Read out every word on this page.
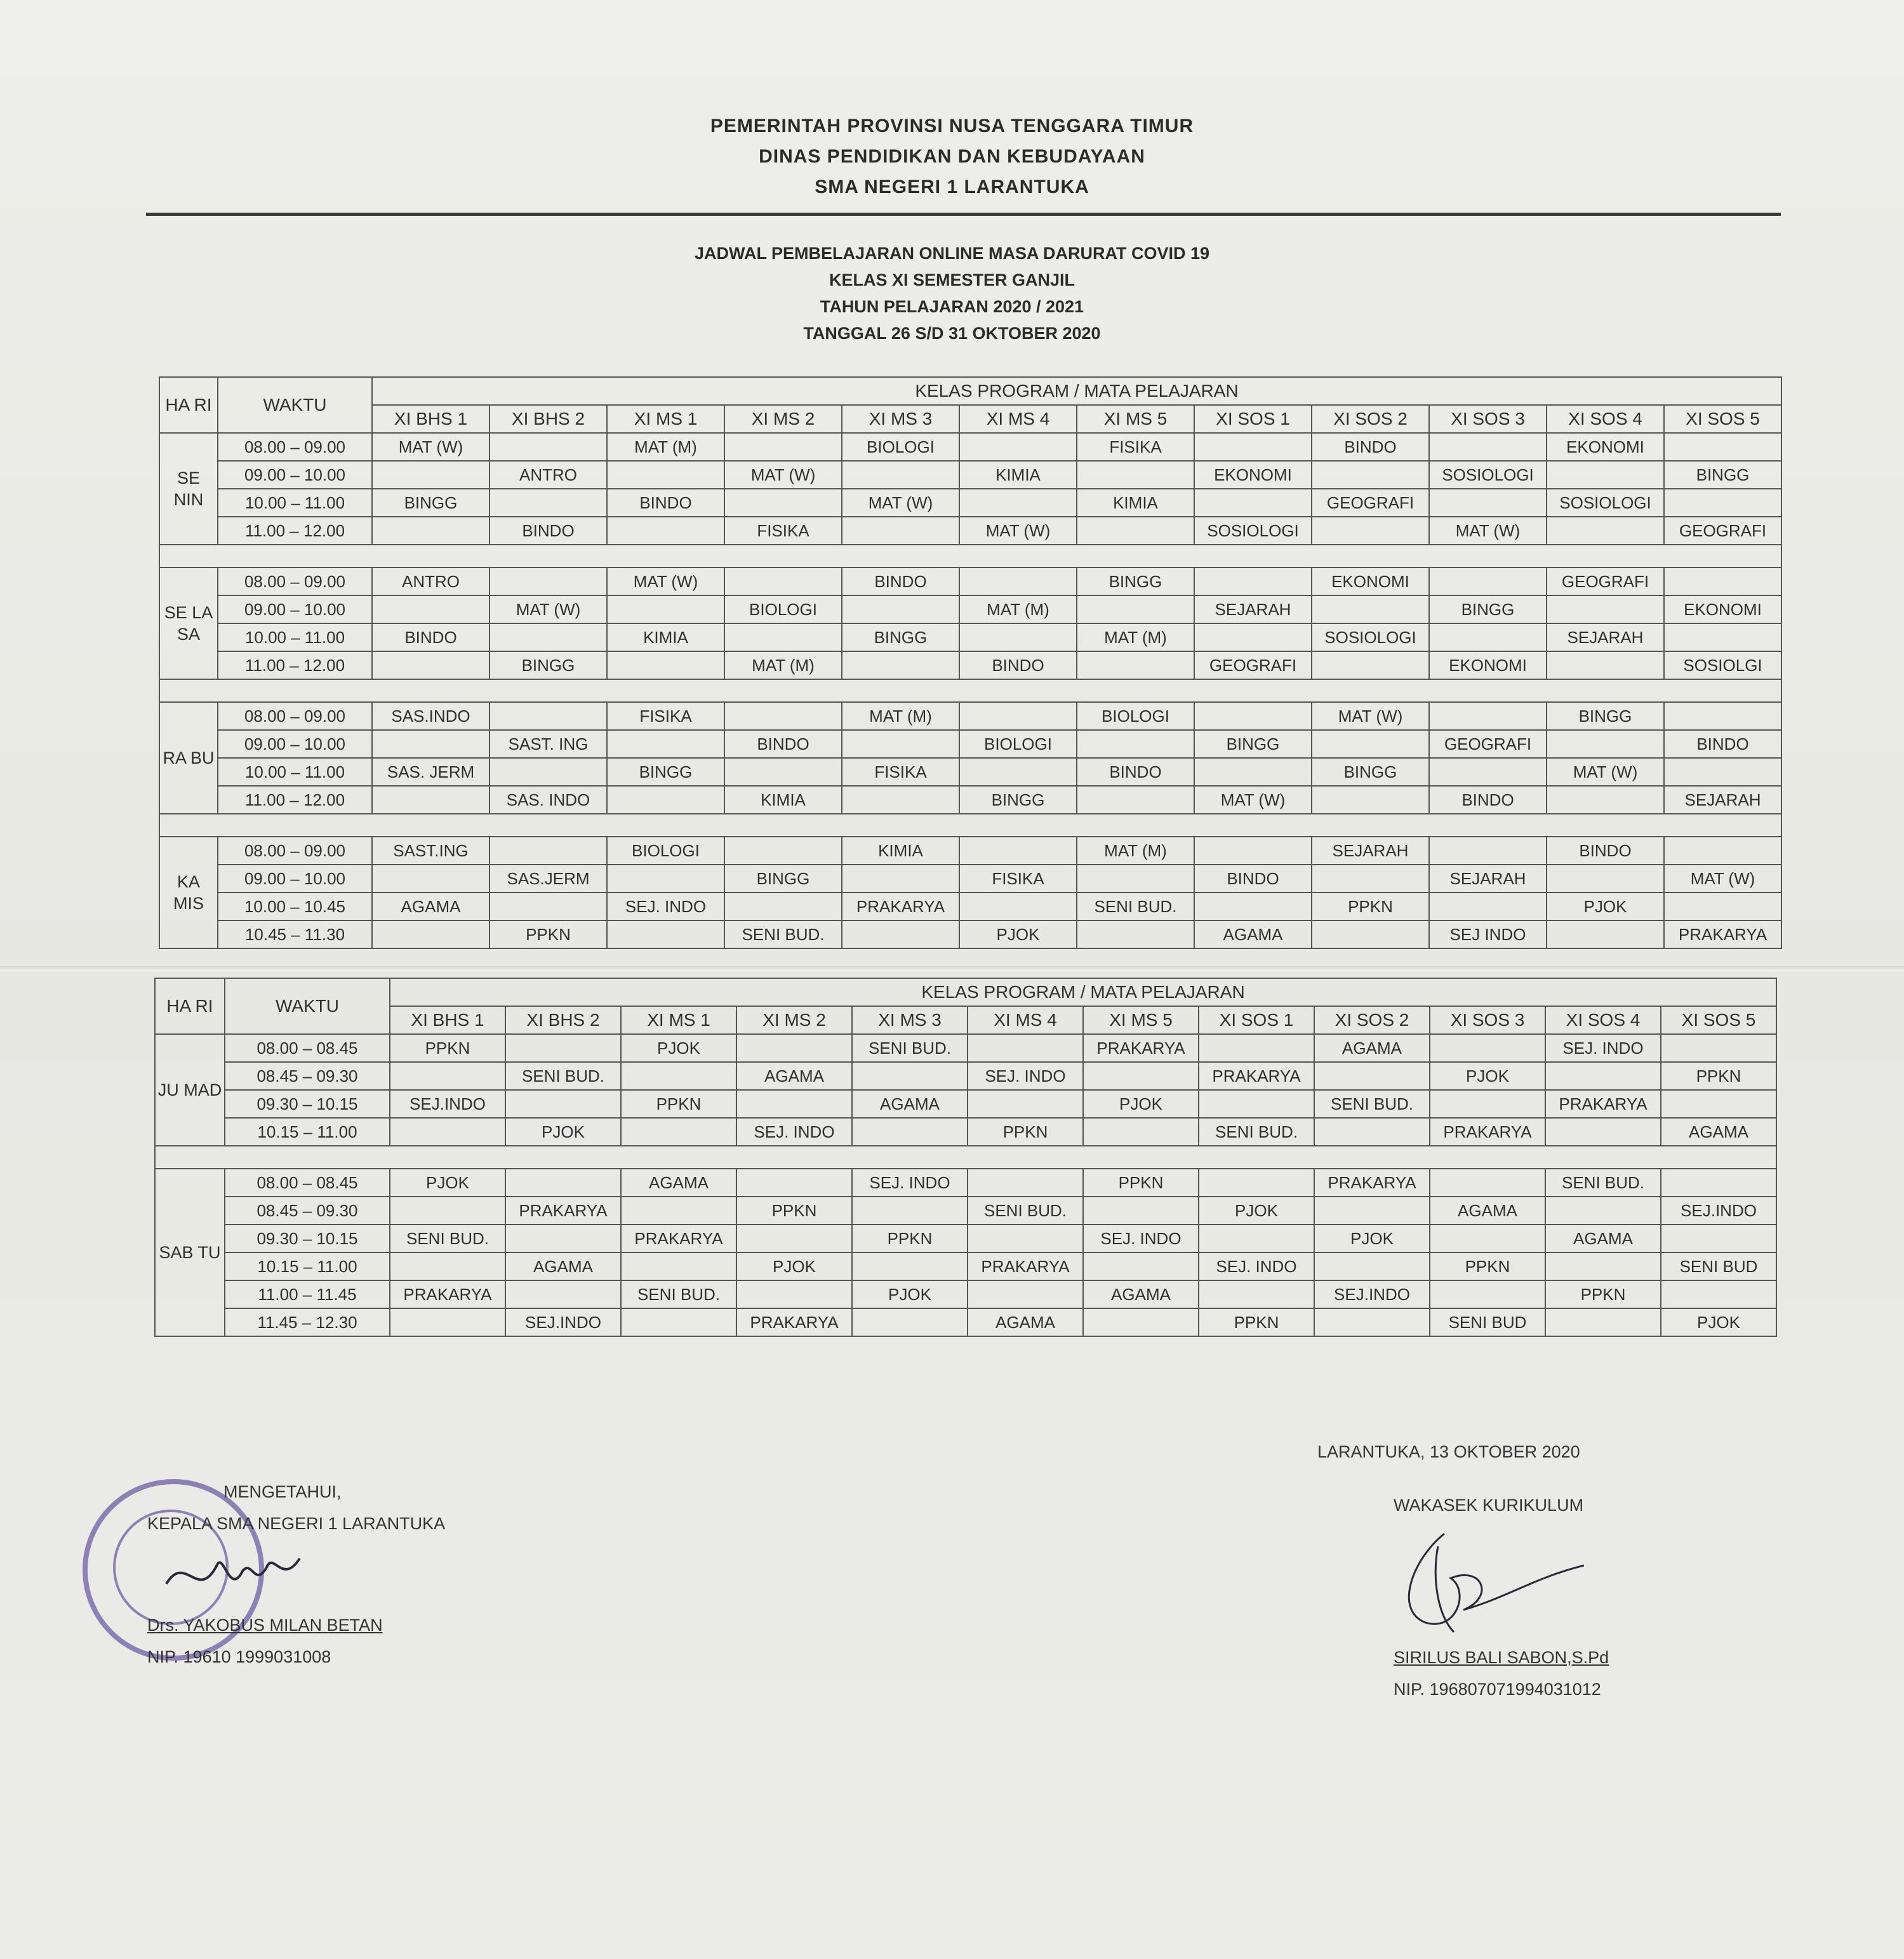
PEMERINTAH PROVINSI NUSA TENGGARA TIMUR
DINAS PENDIDIKAN DAN KEBUDAYAAN
SMA NEGERI 1 LARANTUKA
JADWAL PEMBELAJARAN ONLINE MASA DARURAT COVID 19
KELAS XI SEMESTER GANJIL
TAHUN PELAJARAN 2020 / 2021
TANGGAL 26 S/D 31 OKTOBER 2020
HA RI	WAKTU	KELAS PROGRAM / MATA PELAJARAN											
		XI BHS 1	XI BHS 2	XI MS 1	XI MS 2	XI MS 3	XI MS 4	XI MS 5	XI SOS 1	XI SOS 2	XI SOS 3	XI SOS 4	XI SOS 5
SE NIN	08.00 – 09.00	MAT (W)		MAT (M)		BIOLOGI		FISIKA		BINDO		EKONOMI	
	09.00 – 10.00		ANTRO		MAT (W)		KIMIA		EKONOMI		SOSIOLOGI		BINGG
	10.00 – 11.00	BINGG		BINDO		MAT (W)		KIMIA		GEOGRAFI		SOSIOLOGI	
	11.00 – 12.00		BINDO		FISIKA		MAT (W)		SOSIOLOGI		MAT (W)		GEOGRAFI

SE LA SA	08.00 – 09.00	ANTRO		MAT (W)		BINDO		BINGG		EKONOMI		GEOGRAFI	
	09.00 – 10.00		MAT (W)		BIOLOGI		MAT (M)		SEJARAH		BINGG		EKONOMI
	10.00 – 11.00	BINDO		KIMIA		BINGG		MAT (M)		SOSIOLOGI		SEJARAH	
	11.00 – 12.00		BINGG		MAT (M)		BINDO		GEOGRAFI		EKONOMI		SOSIOLGI

RA BU	08.00 – 09.00	SAS.INDO		FISIKA		MAT (M)		BIOLOGI		MAT (W)		BINGG	
	09.00 – 10.00		SAST. ING		BINDO		BIOLOGI		BINGG		GEOGRAFI		BINDO
	10.00 – 11.00	SAS. JERM		BINGG		FISIKA		BINDO		BINGG		MAT (W)	
	11.00 – 12.00		SAS. INDO		KIMIA		BINGG		MAT (W)		BINDO		SEJARAH

KA MIS	08.00 – 09.00	SAST.ING		BIOLOGI		KIMIA		MAT (M)		SEJARAH		BINDO	
	09.00 – 10.00		SAS.JERM		BINGG		FISIKA		BINDO		SEJARAH		MAT (W)
	10.00 – 10.45	AGAMA		SEJ. INDO		PRAKARYA		SENI BUD.		PPKN		PJOK	
	10.45 – 11.30		PPKN		SENI BUD.		PJOK		AGAMA		SEJ INDO		PRAKARYA
HA RI	WAKTU	KELAS PROGRAM / MATA PELAJARAN											
		XI BHS 1	XI BHS 2	XI MS 1	XI MS 2	XI MS 3	XI MS 4	XI MS 5	XI SOS 1	XI SOS 2	XI SOS 3	XI SOS 4	XI SOS 5
JU MAD	08.00 – 08.45	PPKN		PJOK		SENI BUD.		PRAKARYA		AGAMA		SEJ. INDO	
	08.45 – 09.30		SENI BUD.		AGAMA		SEJ. INDO		PRAKARYA		PJOK		PPKN
	09.30 – 10.15	SEJ.INDO		PPKN		AGAMA		PJOK		SENI BUD.		PRAKARYA	
	10.15 – 11.00		PJOK		SEJ. INDO		PPKN		SENI BUD.		PRAKARYA		AGAMA

SAB TU	08.00 – 08.45	PJOK		AGAMA		SEJ. INDO		PPKN		PRAKARYA		SENI BUD.	
	08.45 – 09.30		PRAKARYA		PPKN		SENI BUD.		PJOK		AGAMA		SEJ.INDO
	09.30 – 10.15	SENI BUD.		PRAKARYA		PPKN		SEJ. INDO		PJOK		AGAMA	
	10.15 – 11.00		AGAMA		PJOK		PRAKARYA		SEJ. INDO		PPKN		SENI BUD
	11.00 – 11.45	PRAKARYA		SENI BUD.		PJOK		AGAMA		SEJ.INDO		PPKN	
	11.45 – 12.30		SEJ.INDO		PRAKARYA		AGAMA		PPKN		SENI BUD		PJOK
MENGETAHUI,
KEPALA SMA NEGERI 1 LARANTUKA
Drs. YAKOBUS MILAN BETAN
NIP. 19610 1999031008
LARANTUKA, 13 OKTOBER 2020
WAKASEK KURIKULUM
SIRILUS BALI SABON,S.Pd
NIP. 196807071994031012
